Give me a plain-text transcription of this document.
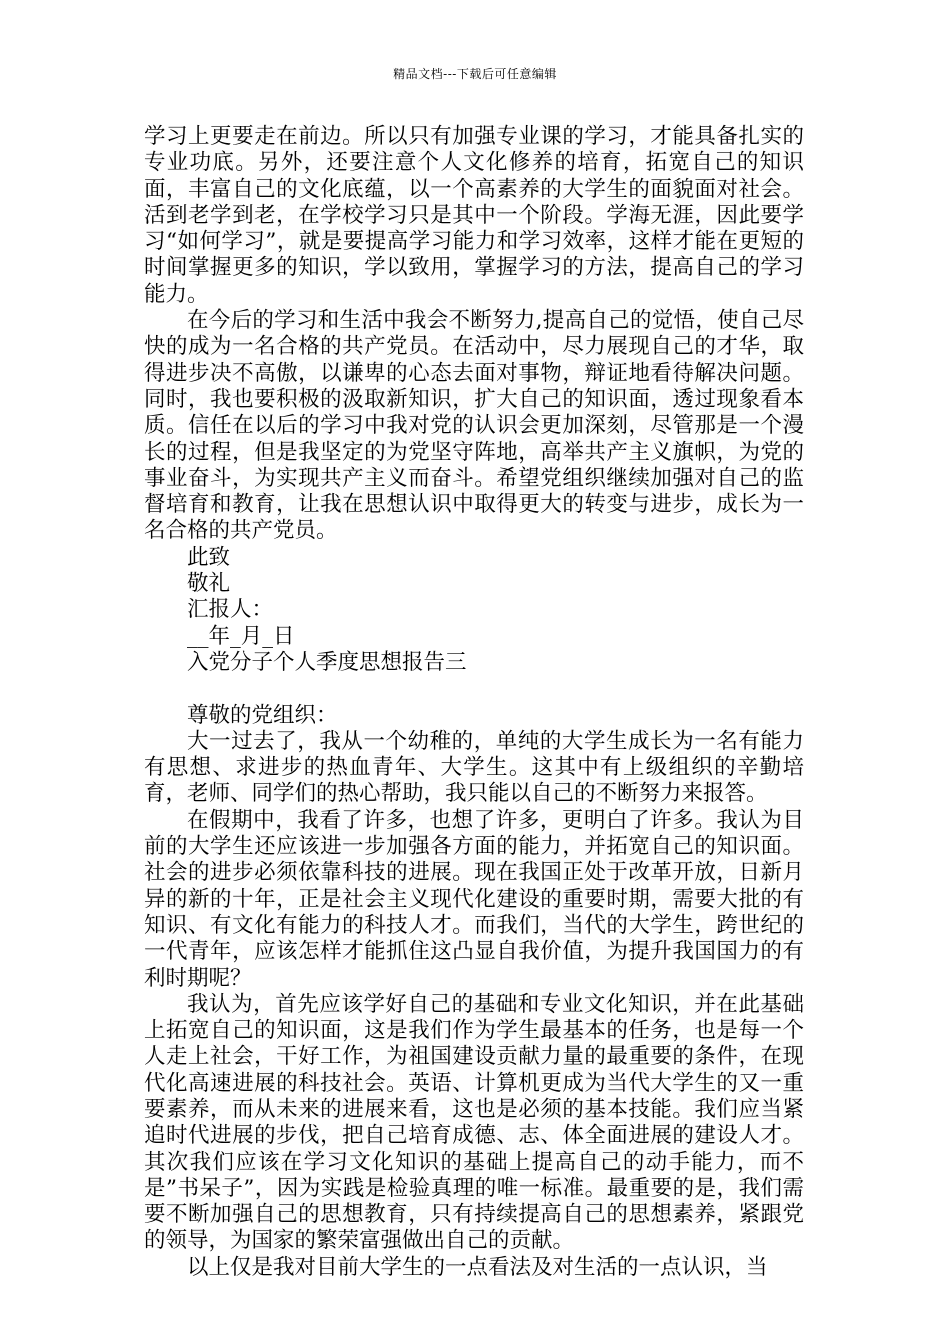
精品文档---下载后可任意编辑

学习上更要走在前边。所以只有加强专业课的学习，才能具备扎实的专业功底。另外，还要注意个人文化修养的培育，拓宽自己的知识面，丰富自己的文化底蕴，以一个高素养的大学生的面貌面对社会。活到老学到老，在学校学习只是其中一个阶段。学海无涯，因此要学习“如何学习”，就是要提高学习能力和学习效率，这样才能在更短的时间掌握更多的知识，学以致用，掌握学习的方法，提高自己的学习能力。

在今后的学习和生活中我会不断努力,提高自己的觉悟，使自己尽快的成为一名合格的共产党员。在活动中，尽力展现自己的才华，取得进步决不高傲，以谦卑的心态去面对事物，辩证地看待解决问题。同时，我也要积极的汲取新知识，扩大自己的知识面，透过现象看本质。信任在以后的学习中我对党的认识会更加深刻，尽管那是一个漫长的过程，但是我坚定的为党坚守阵地，高举共产主义旗帜，为党的事业奋斗，为实现共产主义而奋斗。希望党组织继续加强对自己的监督培育和教育，让我在思想认识中取得更大的转变与进步，成长为一名合格的共产党员。

此致

敬礼

汇报人：

__年_月_日

入党分子个人季度思想报告三

尊敬的党组织：

大一过去了，我从一个幼稚的，单纯的大学生成长为一名有能力有思想、求进步的热血青年、大学生。这其中有上级组织的辛勤培育，老师、同学们的热心帮助，我只能以自己的不断努力来报答。

在假期中，我看了许多，也想了许多，更明白了许多。我认为目前的大学生还应该进一步加强各方面的能力，并拓宽自己的知识面。社会的进步必须依靠科技的进展。现在我国正处于改革开放，日新月异的新的十年，正是社会主义现代化建设的重要时期，需要大批的有知识、有文化有能力的科技人才。而我们，当代的大学生，跨世纪的一代青年，应该怎样才能抓住这凸显自我价值，为提升我国国力的有利时期呢？

我认为，首先应该学好自己的基础和专业文化知识，并在此基础上拓宽自己的知识面，这是我们作为学生最基本的任务，也是每一个人走上社会，干好工作，为祖国建设贡献力量的最重要的条件，在现代化高速进展的科技社会。英语、计算机更成为当代大学生的又一重要素养，而从未来的进展来看，这也是必须的基本技能。我们应当紧追时代进展的步伐，把自己培育成德、志、体全面进展的建设人才。其次我们应该在学习文化知识的基础上提高自己的动手能力，而不是”书呆子”，因为实践是检验真理的唯一标准。最重要的是，我们需要不断加强自己的思想教育，只有持续提高自己的思想素养，紧跟党的领导，为国家的繁荣富强做出自己的贡献。

以上仅是我对目前大学生的一点看法及对生活的一点认识，当
